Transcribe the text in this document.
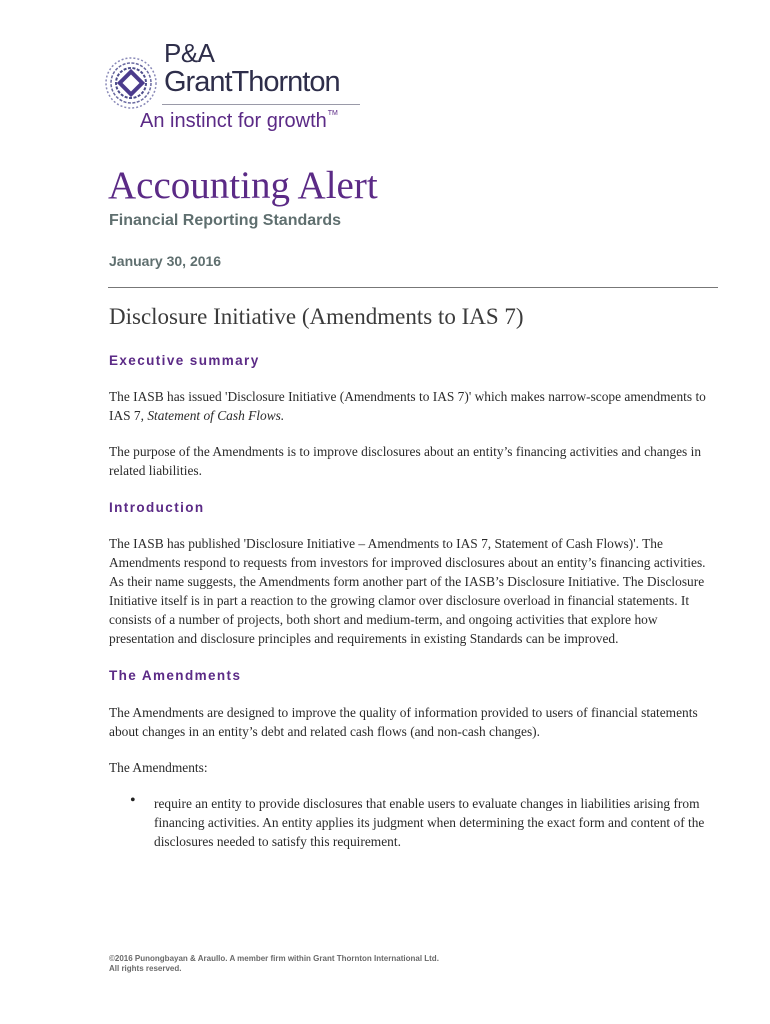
P&A
GrantThornton
An instinct for growth™
Accounting Alert
Financial Reporting Standards
January 30, 2016
Disclosure Initiative (Amendments to IAS 7)
Executive summary

The IASB has issued 'Disclosure Initiative (Amendments to IAS 7)' which makes narrow-scope amendments to IAS 7, Statement of Cash Flows.

The purpose of the Amendments is to improve disclosures about an entity’s financing activities and changes in related liabilities.

Introduction

The IASB has published 'Disclosure Initiative – Amendments to IAS 7, Statement of Cash Flows)'. The Amendments respond to requests from investors for improved disclosures about an entity’s financing activities. As their name suggests, the Amendments form another part of the IASB’s Disclosure Initiative. The Disclosure Initiative itself is in part a reaction to the growing clamor over disclosure overload in financial statements. It consists of a number of projects, both short and medium-term, and ongoing activities that explore how presentation and disclosure principles and requirements in existing Standards can be improved.

The Amendments

The Amendments are designed to improve the quality of information provided to users of financial statements about changes in an entity’s debt and related cash flows (and non-cash changes).

The Amendments:

• require an entity to provide disclosures that enable users to evaluate changes in liabilities arising from financing activities. An entity applies its judgment when determining the exact form and content of the disclosures needed to satisfy this requirement.

©2016 Punongbayan & Araullo. A member firm within Grant Thornton International Ltd.
All rights reserved.
